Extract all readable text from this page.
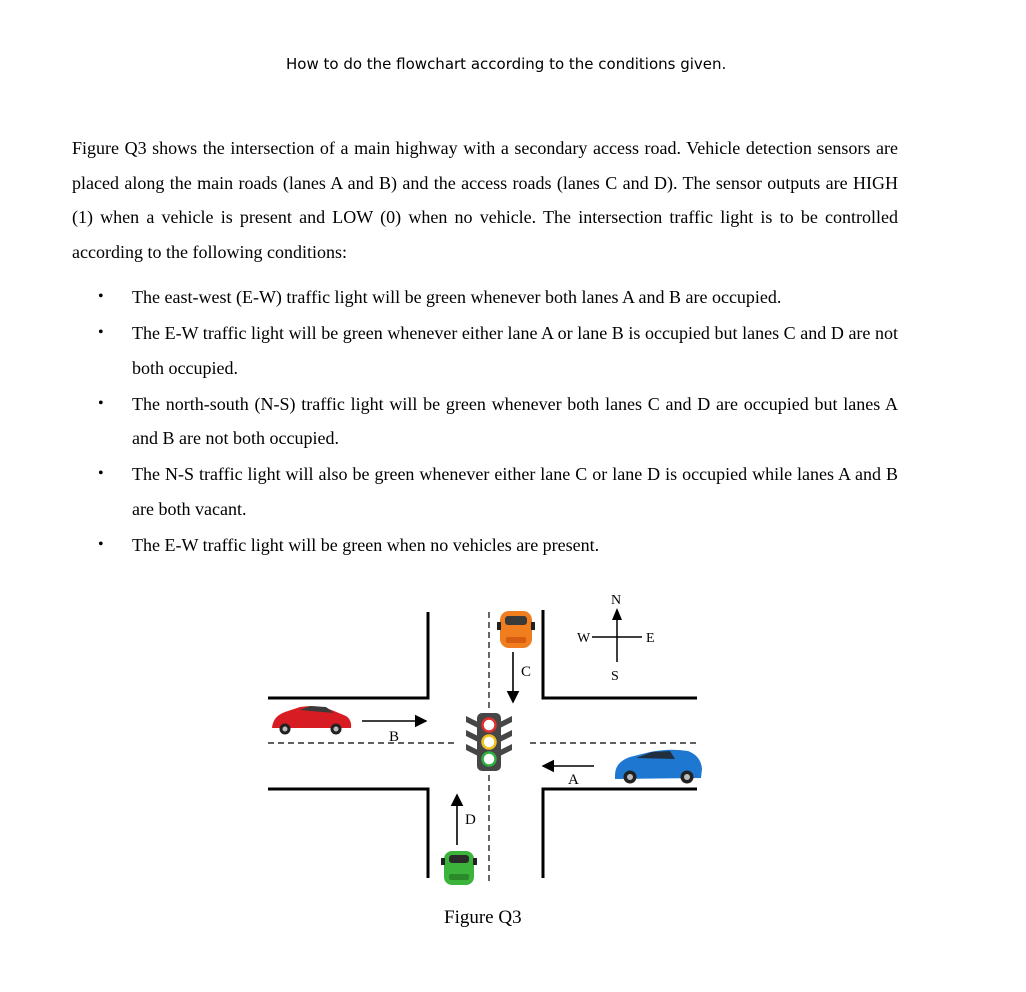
How to do the flowchart according to the conditions given.

Figure Q3 shows the intersection of a main highway with a secondary access road. Vehicle detection sensors are placed along the main roads (lanes A and B) and the access roads (lanes C and D). The sensor outputs are HIGH (1) when a vehicle is present and LOW (0) when no vehicle. The intersection traffic light is to be controlled according to the following conditions:

• The east-west (E-W) traffic light will be green whenever both lanes A and B are occupied.
• The E-W traffic light will be green whenever either lane A or lane B is occupied but lanes C and D are not both occupied.
• The north-south (N-S) traffic light will be green whenever both lanes C and D are occupied but lanes A and B are not both occupied.
• The N-S traffic light will also be green whenever either lane C or lane D is occupied while lanes A and B are both vacant.
• The E-W traffic light will be green when no vehicles are present.
B
A
C
D
N
S
E
W
Figure Q3
